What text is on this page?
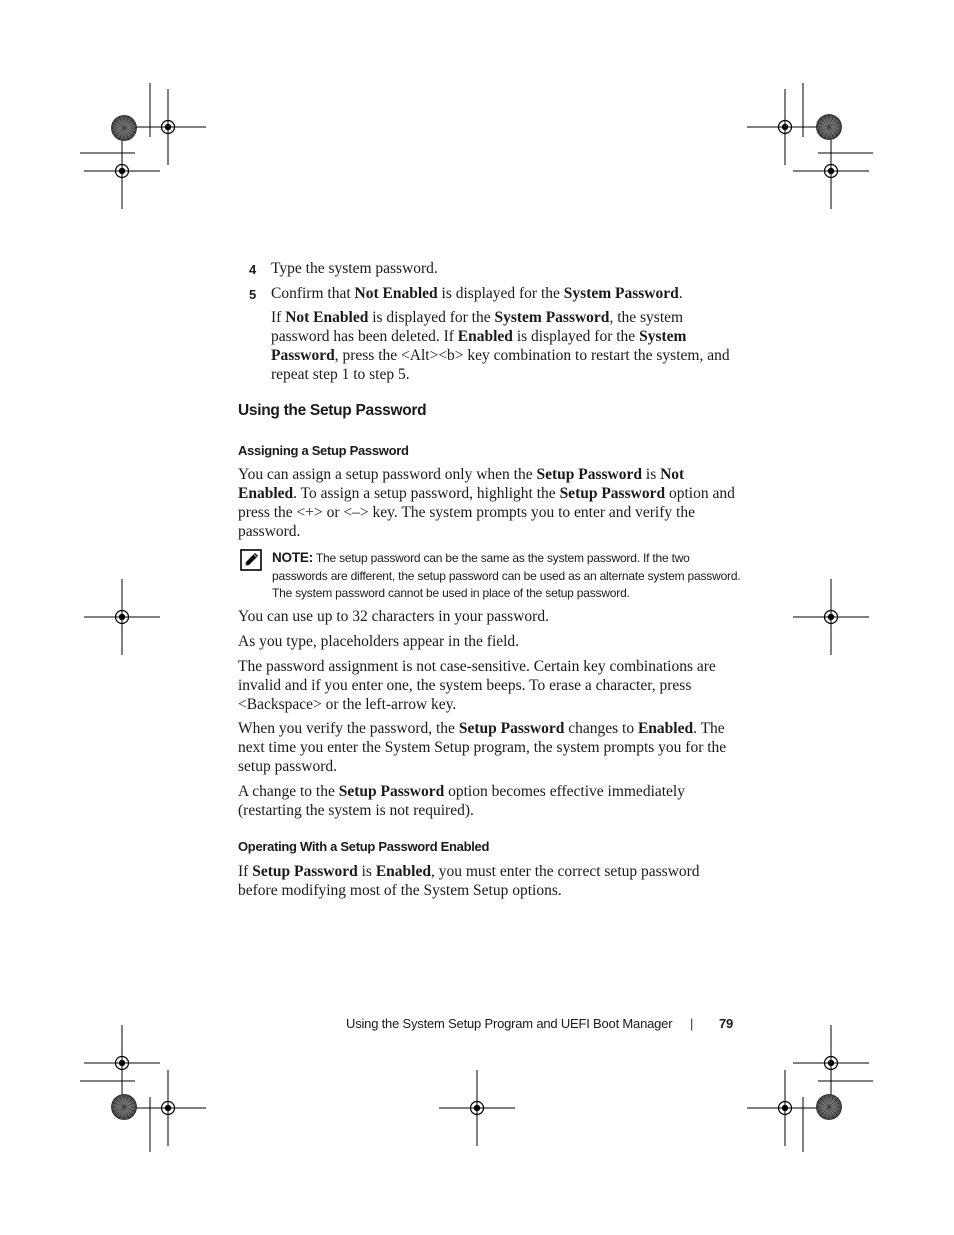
4 Type the system password.
5 Confirm that Not Enabled is displayed for the System Password.
If Not Enabled is displayed for the System Password, the system password has been deleted. If Enabled is displayed for the System Password, press the <Alt><b> key combination to restart the system, and repeat step 1 to step 5.
Using the Setup Password
Assigning a Setup Password

You can assign a setup password only when the Setup Password is Not Enabled. To assign a setup password, highlight the Setup Password option and press the <+> or <–> key. The system prompts you to enter and verify the password.

NOTE: The setup password can be the same as the system password. If the two passwords are different, the setup password can be used as an alternate system password. The system password cannot be used in place of the setup password.

You can use up to 32 characters in your password.

As you type, placeholders appear in the field.

The password assignment is not case-sensitive. Certain key combinations are invalid and if you enter one, the system beeps. To erase a character, press <Backspace> or the left-arrow key.

When you verify the password, the Setup Password changes to Enabled. The next time you enter the System Setup program, the system prompts you for the setup password.

A change to the Setup Password option becomes effective immediately (restarting the system is not required).

Operating With a Setup Password Enabled

If Setup Password is Enabled, you must enter the correct setup password before modifying most of the System Setup options.

Using the System Setup Program and UEFI Boot Manager | 79
